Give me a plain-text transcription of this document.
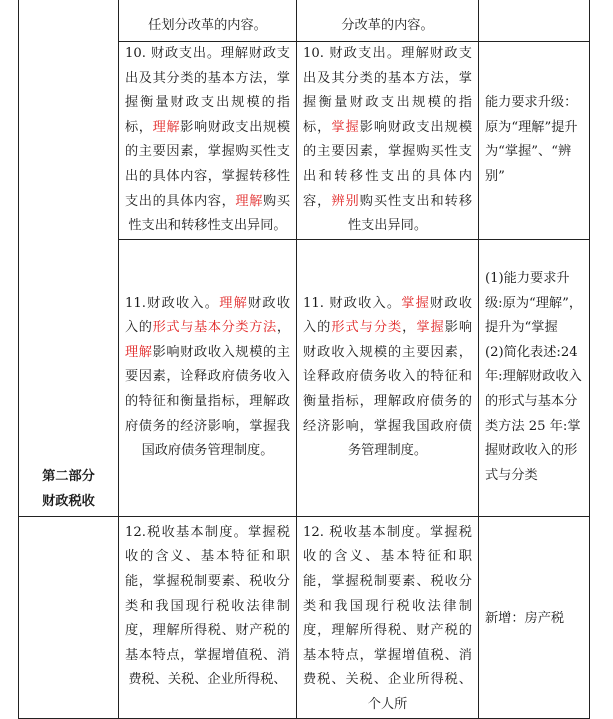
第二部分
财政税收	任划分改革的内容。	分改革的内容。	
	10. 财政支出。理解财政支出及其分类的基本方法，掌握衡量财政支出规模的指标，理解影响财政支出规模的主要因素，掌握购买性支出的具体内容，掌握转移性支出的具体内容，理解购买性支出和转移性支出异同。	10. 财政支出。理解财政支出及其分类的基本方法，掌握衡量财政支出规模的指标，掌握影响财政支出规模的主要因素，掌握购买性支出和转移性支出的具体内容，辨别购买性支出和转移性支出异同。	能力要求升级：原为“理解”提升为“掌握”、“辨别”
	11.财政收入。理解财政收入的形式与基本分类方法，理解影响财政收入规模的主要因素，诠释政府债务收入的特征和衡量指标，理解政府债务的经济影响，掌握我国政府债务管理制度。	11. 财政收入。掌握财政收入的形式与分类，掌握影响财政收入规模的主要因素，诠释政府债务收入的特征和衡量指标，理解政府债务的经济影响，掌握我国政府债务管理制度。	(1)能力要求升级:原为“理解”，提升为“掌握
(2)简化表述:24 年:理解财政收入的形式与基本分类方法 25 年:掌握财政收入的形式与分类

	12.税收基本制度。掌握税收的含义、基本特征和职能，掌握税制要素、税收分类和我国现行税收法律制度，理解所得税、财产税的基本特点，掌握增值税、消费税、关税、企业所得税、	12. 税收基本制度。掌握税收的含义、基本特征和职能，掌握税制要素、税收分类和我国现行税收法律制度，理解所得税、财产税的基本特点，掌握增值税、消费税、关税、企业所得税、个人所	新增：房产税
